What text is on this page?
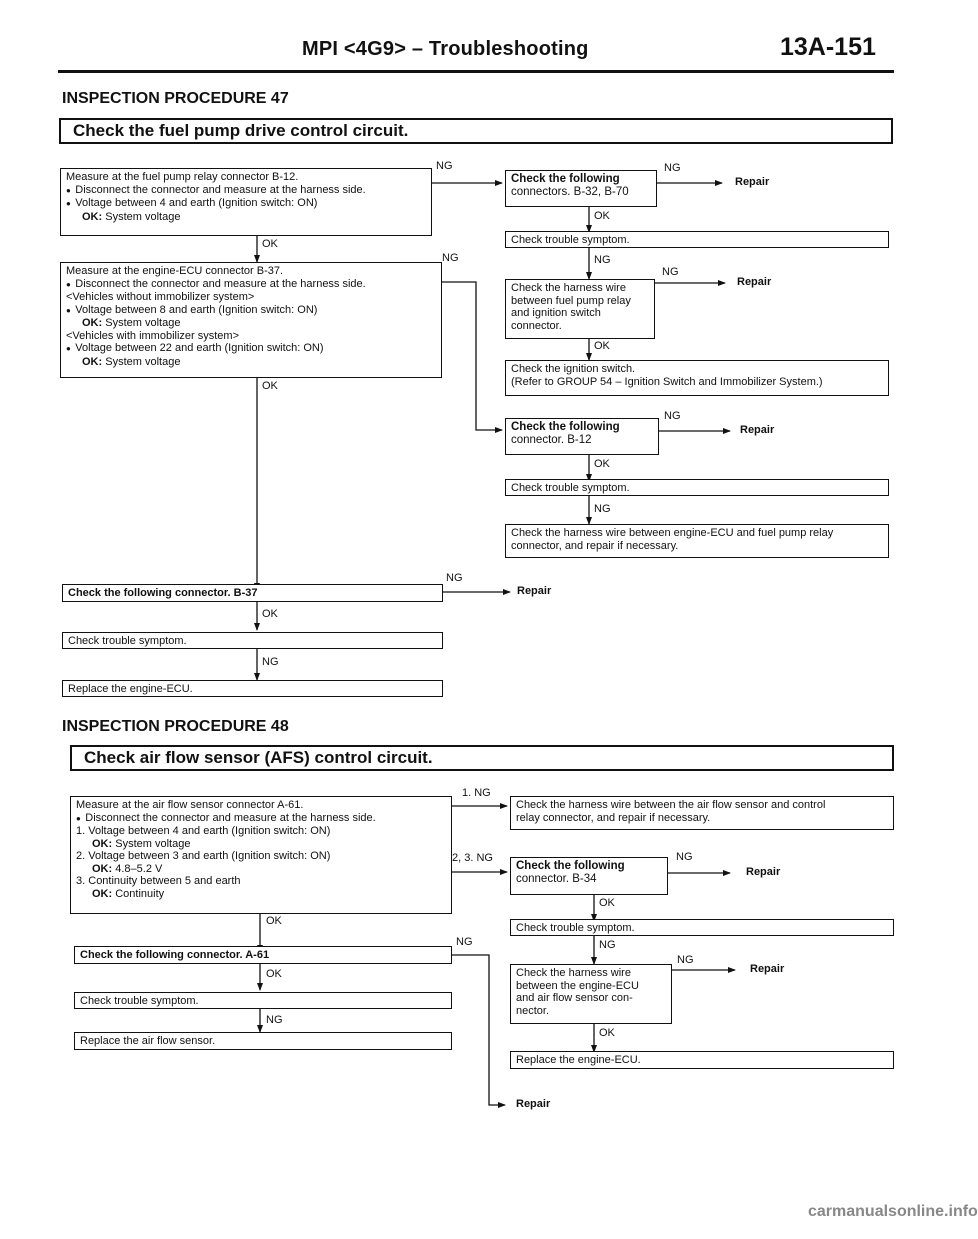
MPI <4G9> – Troubleshooting	13A-151
INSPECTION PROCEDURE 47
Check the fuel pump drive control circuit.
Measure at the fuel pump relay connector B-12.
●  Disconnect the connector and measure at the harness side.
●  Voltage between 4 and earth (Ignition switch: ON)
OK: System voltage
Measure at the engine-ECU connector B-37.
●  Disconnect the connector and measure at the harness side.
<Vehicles without immobilizer system>
●  Voltage between 8 and earth (Ignition switch: ON)
OK: System voltage
<Vehicles with immobilizer system>
●  Voltage between 22 and earth (Ignition switch: ON)
OK: System voltage
Check the following connector. B-37
Check trouble symptom.
Replace the engine-ECU.
Check the following
connectors. B-32, B-70
Check trouble symptom.
Check the harness wire
between fuel pump relay
and ignition switch
connector.
Check the ignition switch.
(Refer to GROUP 54 – Ignition Switch and Immobilizer System.)
Check the following
connector. B-12
Check trouble symptom.
Check the harness wire between engine-ECU and fuel pump relay
connector, and repair if necessary.
OK
OK
OK
NG
NG
NG
NG
NG
OK
NG
NG
OK
NG
OK
NG
Repair
Repair
Repair
Repair
INSPECTION PROCEDURE 48
Check air flow sensor (AFS) control circuit.
Measure at the air flow sensor connector A-61.
●  Disconnect the connector and measure at the harness side.
1. Voltage between 4 and earth (Ignition switch: ON)
OK: System voltage
2. Voltage between 3 and earth (Ignition switch: ON)
OK: 4.8–5.2 V
3. Continuity between 5 and earth
OK: Continuity
Check the following connector. A-61
Check trouble symptom.
Replace the air flow sensor.
Check the harness wire between the air flow sensor and control
relay connector, and repair if necessary.
Check the following
connector. B-34
Check trouble symptom.
Check the harness wire
between the engine-ECU
and air flow sensor con-
nector.
Replace the engine-ECU.
1. NG
2, 3. NG
OK
NG
OK
NG
NG
OK
NG
NG
OK
Repair
Repair
Repair
carmanualsonline.info
